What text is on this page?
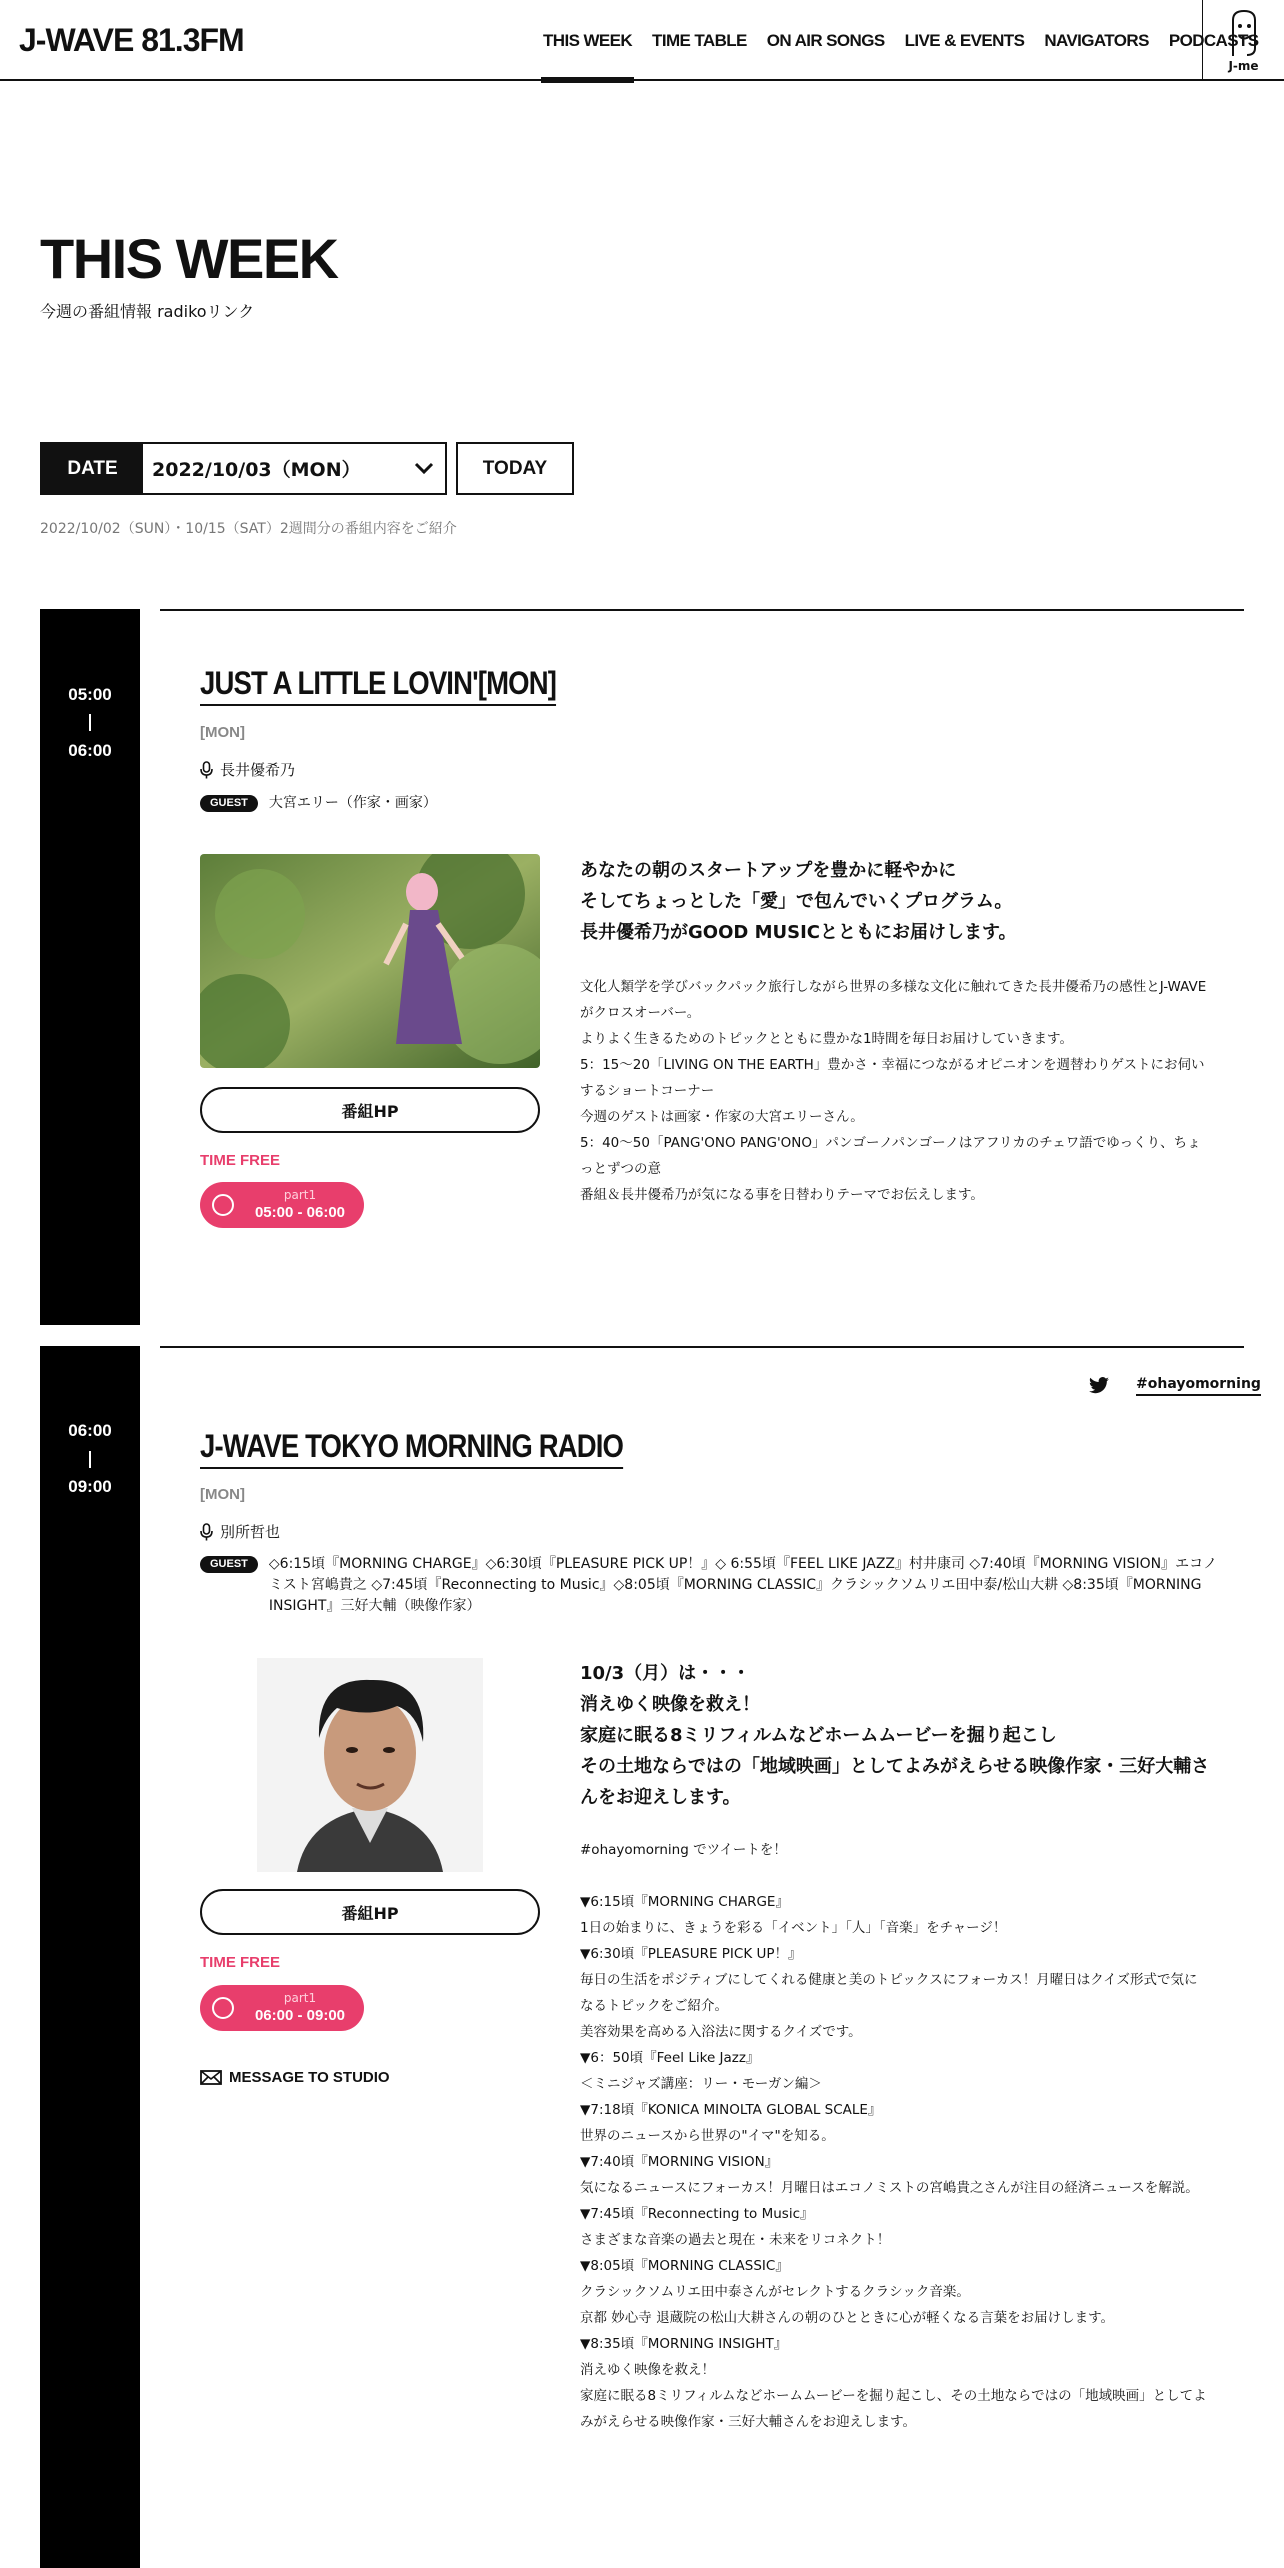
J-WAVE 81.3FM	THIS WEEK	TIME TABLE	ON AIR SONGS	LIVE & EVENTS	NAVIGATORS	PODCASTS
J-me
THIS WEEK
今週の番組情報 radikoリンク
DATE	2022/10/03（MON）	TODAY
2022/10/02（SUN）・10/15（SAT）2週間分の番組内容をご紹介
05:00
06:00
JUST A LITTLE LOVIN'[MON]
[MON]
長井優希乃
GUEST	大宮エリー（作家・画家）
番組HP
TIME FREE
part1
05:00 - 06:00
あなたの朝のスタートアップを豊かに軽やかに
そしてちょっとした「愛」で包んでいくプログラム。
長井優希乃がGOOD MUSICとともにお届けします。

文化人類学を学びバックパック旅行しながら世界の多様な文化に触れてきた長井優希乃の感性とJ-WAVEがクロスオーバー。

よりよく生きるためのトピックとともに豊かな1時間を毎日お届けしていきます。

5：15～20「LIVING ON THE EARTH」豊かさ・幸福につながるオピニオンを週替わりゲストにお伺いするショートコーナー

今週のゲストは画家・作家の大宮エリーさん。

5：40～50「PANG'ONO PANG'ONO」パンゴーノパンゴーノはアフリカのチェワ語でゆっくり、ちょっとずつの意

番組＆長井優希乃が気になる事を日替わりテーマでお伝えします。

06:00
09:00
#ohayomorning
J-WAVE TOKYO MORNING RADIO
[MON]
別所哲也
GUEST	◇6:15頃『MORNING CHARGE』◇6:30頃『PLEASURE PICK UP！』◇ 6:55頃『FEEL LIKE JAZZ』村井康司 ◇7:40頃『MORNING VISION』エコノミスト宮嶋貴之 ◇7:45頃『Reconnecting to Music』◇8:05頃『MORNING CLASSIC』クラシックソムリエ田中泰/松山大耕 ◇8:35頃『MORNING INSIGHT』三好大輔（映像作家）
番組HP
TIME FREE
part1
06:00 - 09:00
MESSAGE TO STUDIO
10/3（月）は・・・
消えゆく映像を救え！
家庭に眠る8ミリフィルムなどホームムービーを掘り起こし
その土地ならではの「地域映画」としてよみがえらせる映像作家・三好大輔さんをお迎えします。

#ohayomorning でツイートを！

▼6:15頃『MORNING CHARGE』

1日の始まりに、きょうを彩る「イベント」「人」「音楽」をチャージ！

▼6:30頃『PLEASURE PICK UP！』

毎日の生活をポジティブにしてくれる健康と美のトピックスにフォーカス！月曜日はクイズ形式で気になるトピックをご紹介。

美容効果を高める入浴法に関するクイズです。

▼6：50頃『Feel Like Jazz』

＜ミニジャズ講座：リー・モーガン編＞

▼7:18頃『KONICA MINOLTA GLOBAL SCALE』

世界のニュースから世界の"イマ"を知る。

▼7:40頃『MORNING VISION』

気になるニュースにフォーカス！月曜日はエコノミストの宮嶋貴之さんが注目の経済ニュースを解説。

▼7:45頃『Reconnecting to Music』

さまざまな音楽の過去と現在・未来をリコネクト！

▼8:05頃『MORNING CLASSIC』

クラシックソムリエ田中泰さんがセレクトするクラシック音楽。

京都 妙心寺 退蔵院の松山大耕さんの朝のひとときに心が軽くなる言葉をお届けします。

▼8:35頃『MORNING INSIGHT』

消えゆく映像を救え！

家庭に眠る8ミリフィルムなどホームムービーを掘り起こし、その土地ならではの「地域映画」としてよみがえらせる映像作家・三好大輔さんをお迎えします。
